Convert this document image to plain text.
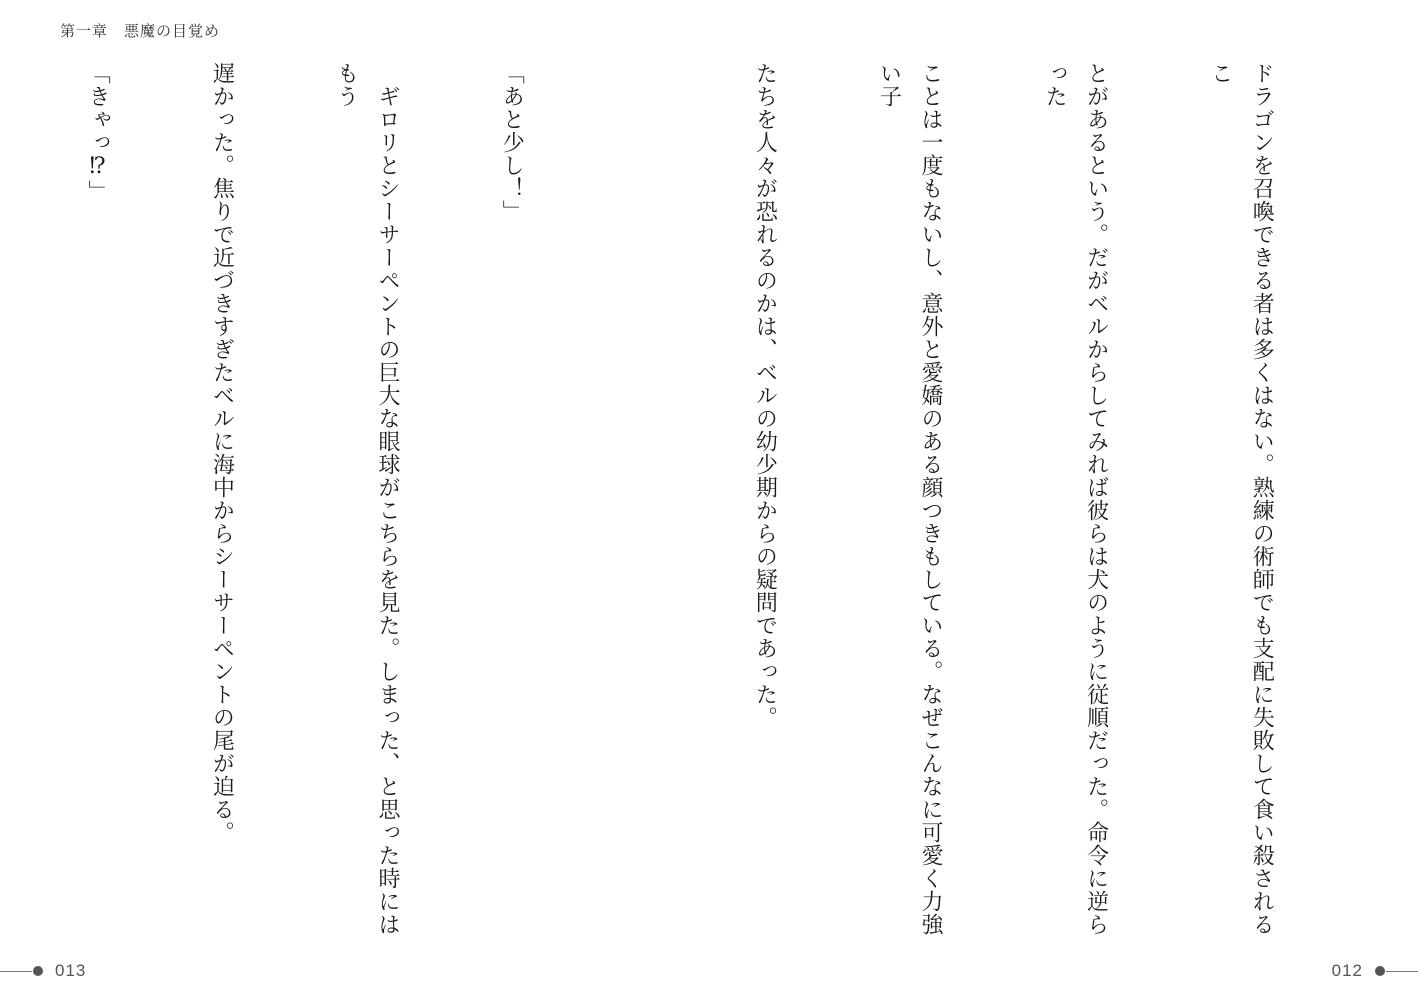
第一章　悪魔の目覚め

ドラゴンを召喚できる者は多くはない。熟練の術師でも支配に失敗して食い殺されるこ

とがあるという。だがベルからしてみれば彼らは犬のように従順だった。命令に逆らった

ことは一度もないし、意外と愛嬌のある顔つきもしている。なぜこんなに可愛く力強い子

たちを人々が恐れるのかは、ベルの幼少期からの疑問であった。

「あと少し！」

　ギロリとシーサーペントの巨大な眼球がこちらを見た。しまった、と思った時にはもう

遅かった。焦りで近づきすぎたベルに海中からシーサーペントの尾が迫る。

「きゃっ⁉」

013	012
